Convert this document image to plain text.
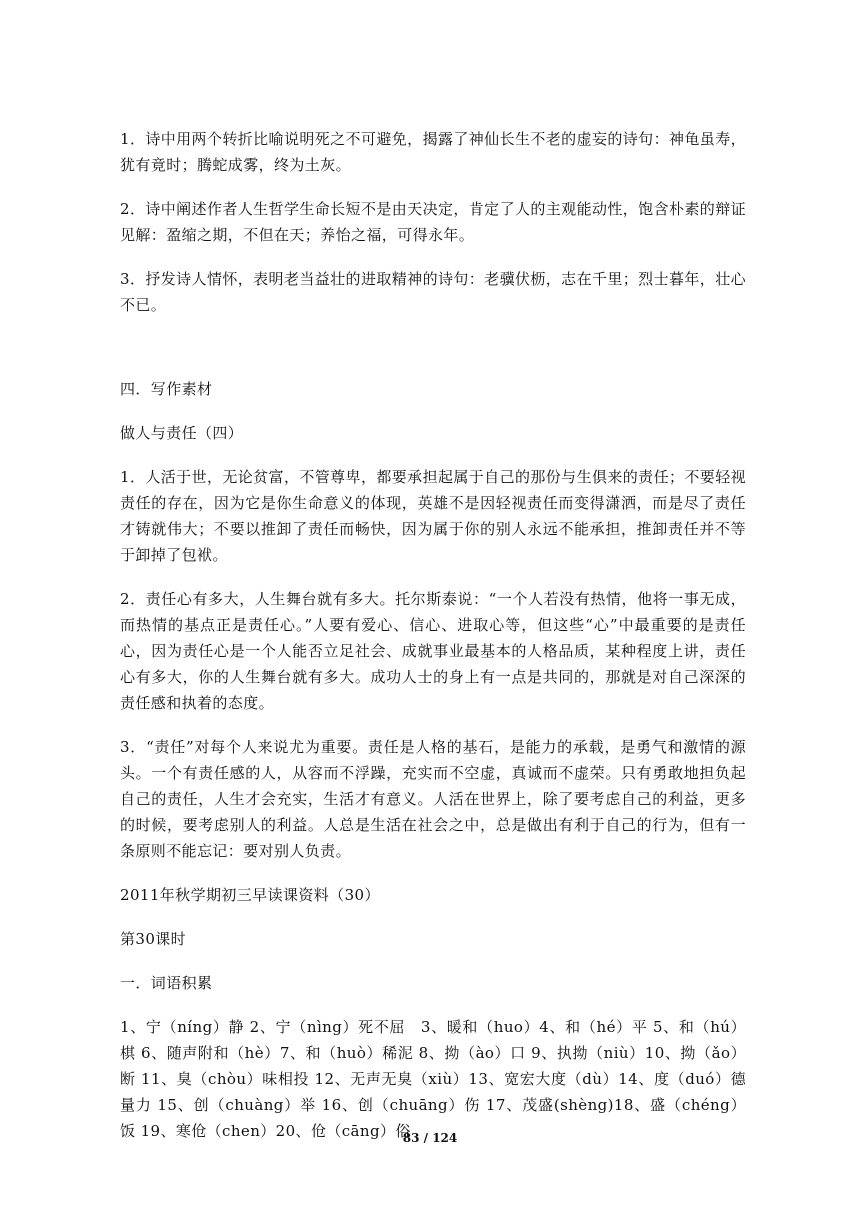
1．诗中用两个转折比喻说明死之不可避免，揭露了神仙长生不老的虚妄的诗句：神龟虽寿，犹有竟时；腾蛇成雾，终为土灰。

2．诗中阐述作者人生哲学生命长短不是由天决定，肯定了人的主观能动性，饱含朴素的辩证见解：盈缩之期，不但在天；养怡之福，可得永年。

3．抒发诗人情怀，表明老当益壮的进取精神的诗句：老骥伏枥，志在千里；烈士暮年，壮心不已。

四．写作素材

做人与责任（四）

1．人活于世，无论贫富，不管尊卑，都要承担起属于自己的那份与生俱来的责任；不要轻视责任的存在，因为它是你生命意义的体现，英雄不是因轻视责任而变得潇洒，而是尽了责任才铸就伟大；不要以推卸了责任而畅快，因为属于你的别人永远不能承担，推卸责任并不等于卸掉了包袱。

2．责任心有多大，人生舞台就有多大。托尔斯泰说：“一个人若没有热情，他将一事无成，而热情的基点正是责任心。”人要有爱心、信心、进取心等，但这些“心”中最重要的是责任心，因为责任心是一个人能否立足社会、成就事业最基本的人格品质，某种程度上讲，责任心有多大，你的人生舞台就有多大。成功人士的身上有一点是共同的，那就是对自己深深的责任感和执着的态度。

3．“责任”对每个人来说尤为重要。责任是人格的基石，是能力的承载，是勇气和激情的源头。一个有责任感的人，从容而不浮躁，充实而不空虚，真诚而不虚荣。只有勇敢地担负起自己的责任，人生才会充实，生活才有意义。人活在世界上，除了要考虑自己的利益，更多的时候，要考虑别人的利益。人总是生活在社会之中，总是做出有利于自己的行为，但有一条原则不能忘记：要对别人负责。

2011年秋学期初三早读课资料（30）

第30课时

一．词语积累

1、宁（níng）静 2、宁（nìng）死不屈　3、暖和（huo）4、和（hé）平 5、和（hú）棋 6、随声附和（hè）7、和（huò）稀泥 8、拗（ào）口 9、执拗（niù）10、拗（ǎo）断 11、臭（chòu）味相投 12、无声无臭（xiù）13、宽宏大度（dù）14、度（duó）德量力 15、创（chuàng）举 16、创（chuāng）伤 17、茂盛(shèng)18、盛（chéng）饭 19、寒伧（chen）20、伧（cāng）俗

83 / 124
